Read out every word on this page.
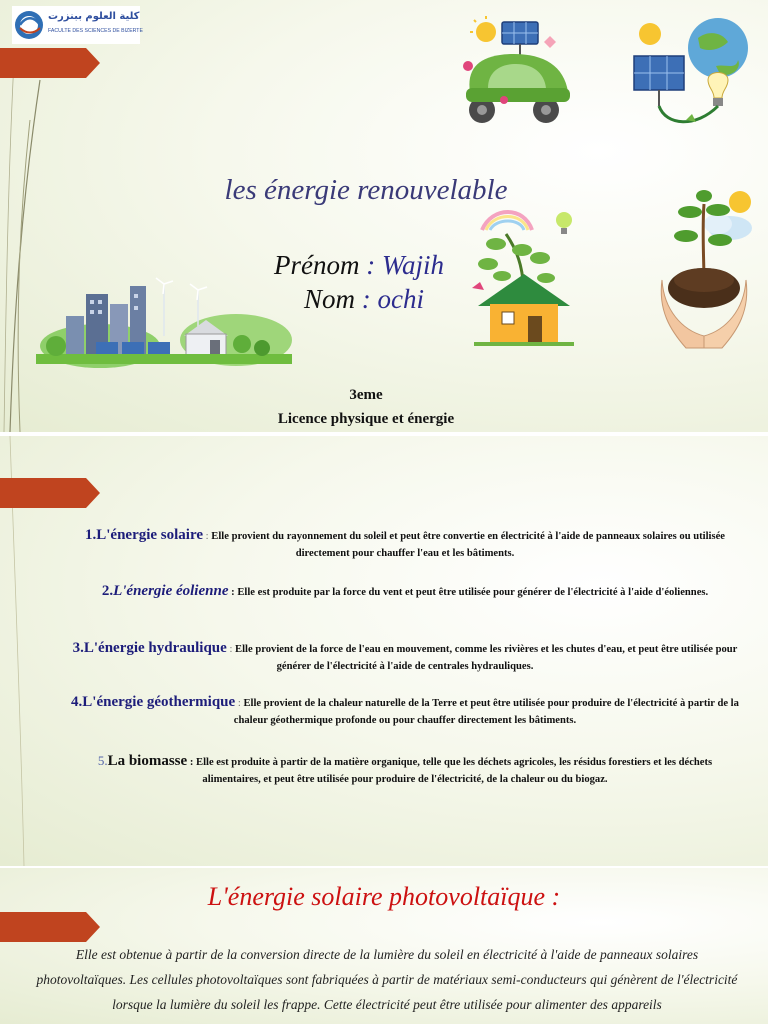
كلية العلوم ببنزرت
FACULTE DES SCIENCES DE BIZERTE
les énergie renouvelable
Prénom : Wajih
Nom : ochi
3eme
Licence physique et énergie
1.L'énergie solaire : Elle provient du rayonnement du soleil et peut être convertie en électricité à l'aide de panneaux solaires ou utilisée directement pour chauffer l'eau et les bâtiments.
2.L'énergie éolienne : Elle est produite par la force du vent et peut être utilisée pour générer de l'électricité à l'aide d'éoliennes.
3.L'énergie hydraulique : Elle provient de la force de l'eau en mouvement, comme les rivières et les chutes d'eau, et peut être utilisée pour générer de l'électricité à l'aide de centrales hydrauliques.
4.L'énergie géothermique : Elle provient de la chaleur naturelle de la Terre et peut être utilisée pour produire de l'électricité à partir de la chaleur géothermique profonde ou pour chauffer directement les bâtiments.
5.La biomasse : Elle est produite à partir de la matière organique, telle que les déchets agricoles, les résidus forestiers et les déchets alimentaires, et peut être utilisée pour produire de l'électricité, de la chaleur ou du biogaz.
L'énergie solaire photovoltaïque :
Elle est obtenue à partir de la conversion directe de la lumière du soleil en électricité à l'aide de panneaux solaires photovoltaïques. Les cellules photovoltaïques sont fabriquées à partir de matériaux semi-conducteurs qui génèrent de l'électricité lorsque la lumière du soleil les frappe. Cette électricité peut être utilisée pour alimenter des appareils
